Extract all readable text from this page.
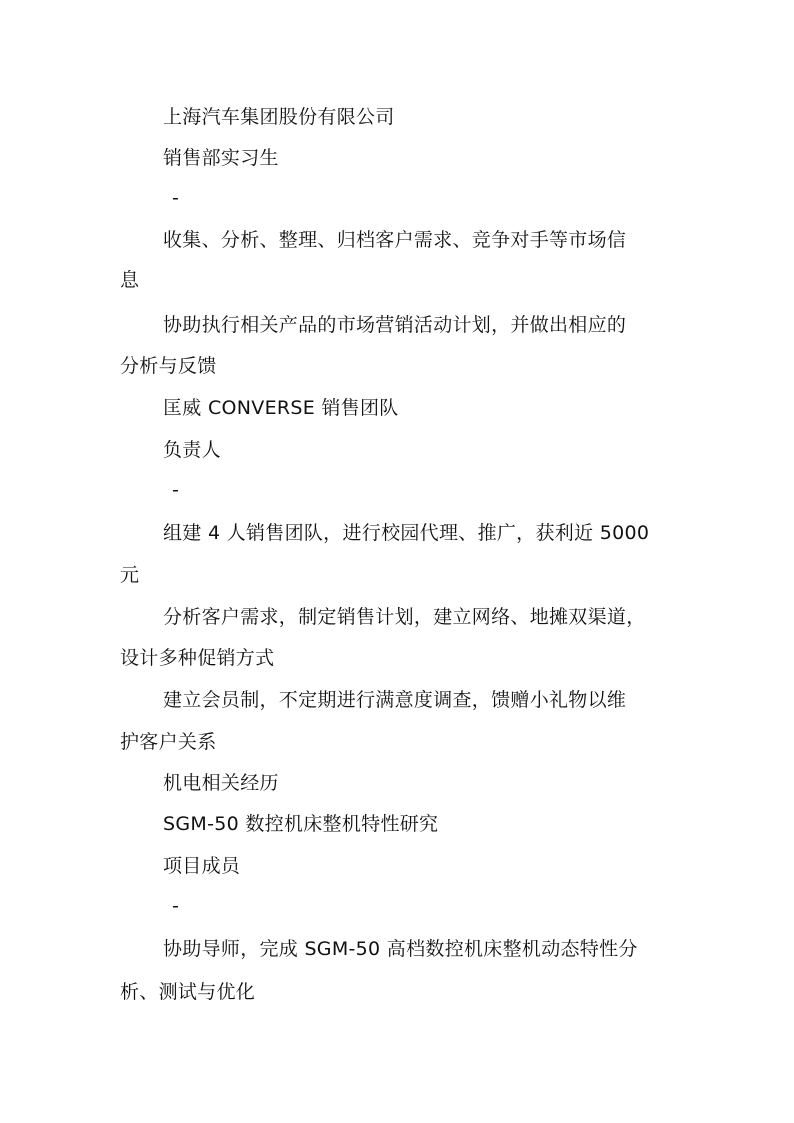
上海汽车集团股份有限公司
销售部实习生
-
收集、分析、整理、归档客户需求、竞争对手等市场信
息
协助执行相关产品的市场营销活动计划，并做出相应的
分析与反馈
匡威 CONVERSE 销售团队
负责人
-
组建 4 人销售团队，进行校园代理、推广，获利近 5000
元
分析客户需求，制定销售计划，建立网络、地摊双渠道，
设计多种促销方式
建立会员制，不定期进行满意度调查，馈赠小礼物以维
护客户关系
机电相关经历
SGM-50 数控机床整机特性研究
项目成员
-
协助导师，完成 SGM-50 高档数控机床整机动态特性分
析、测试与优化
